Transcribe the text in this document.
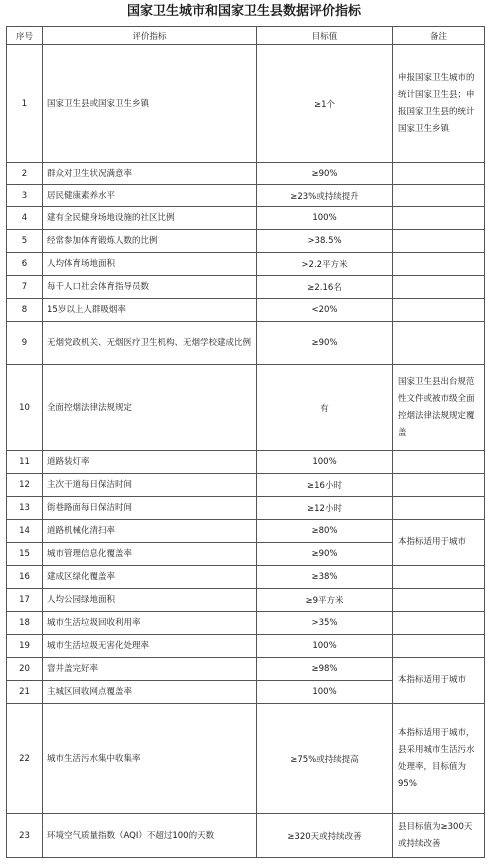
国家卫生城市和国家卫生县数据评价指标
序号	评价指标	目标值	备注
1	国家卫生县或国家卫生乡镇	≥1个	申报国家卫生城市的统计国家卫生县；申报国家卫生县的统计国家卫生乡镇
2	群众对卫生状况满意率	≥90%	
3	居民健康素养水平	≥23%或持续提升	
4	建有全民健身场地设施的社区比例	100%	
5	经常参加体育锻炼人数的比例	>38.5%	
6	人均体育场地面积	>2.2平方米	
7	每千人口社会体育指导员数	≥2.16名	
8	15岁以上人群吸烟率	<20%	
9	无烟党政机关、无烟医疗卫生机构、无烟学校建成比例	≥90%	
10	全面控烟法律法规规定	有	国家卫生县出台规范性文件或被市级全面控烟法律法规规定覆盖
11	道路装灯率	100%	
12	主次干道每日保洁时间	≥16小时	
13	街巷路面每日保洁时间	≥12小时	
14	道路机械化清扫率	≥80%	本指标适用于城市
15	城市管理信息化覆盖率	≥90%	
16	建成区绿化覆盖率	≥38%	
17	人均公园绿地面积	≥9平方米	
18	城市生活垃圾回收利用率	>35%	
19	城市生活垃圾无害化处理率	100%	
20	窨井盖完好率	≥98%	本指标适用于城市
21	主城区回收网点覆盖率	100%	
22	城市生活污水集中收集率	≥75%或持续提高	本指标适用于城市，县采用城市生活污水处理率，目标值为95%
23	环境空气质量指数（AQI）不超过100的天数	≥320天或持续改善	县目标值为≥300天或持续改善
